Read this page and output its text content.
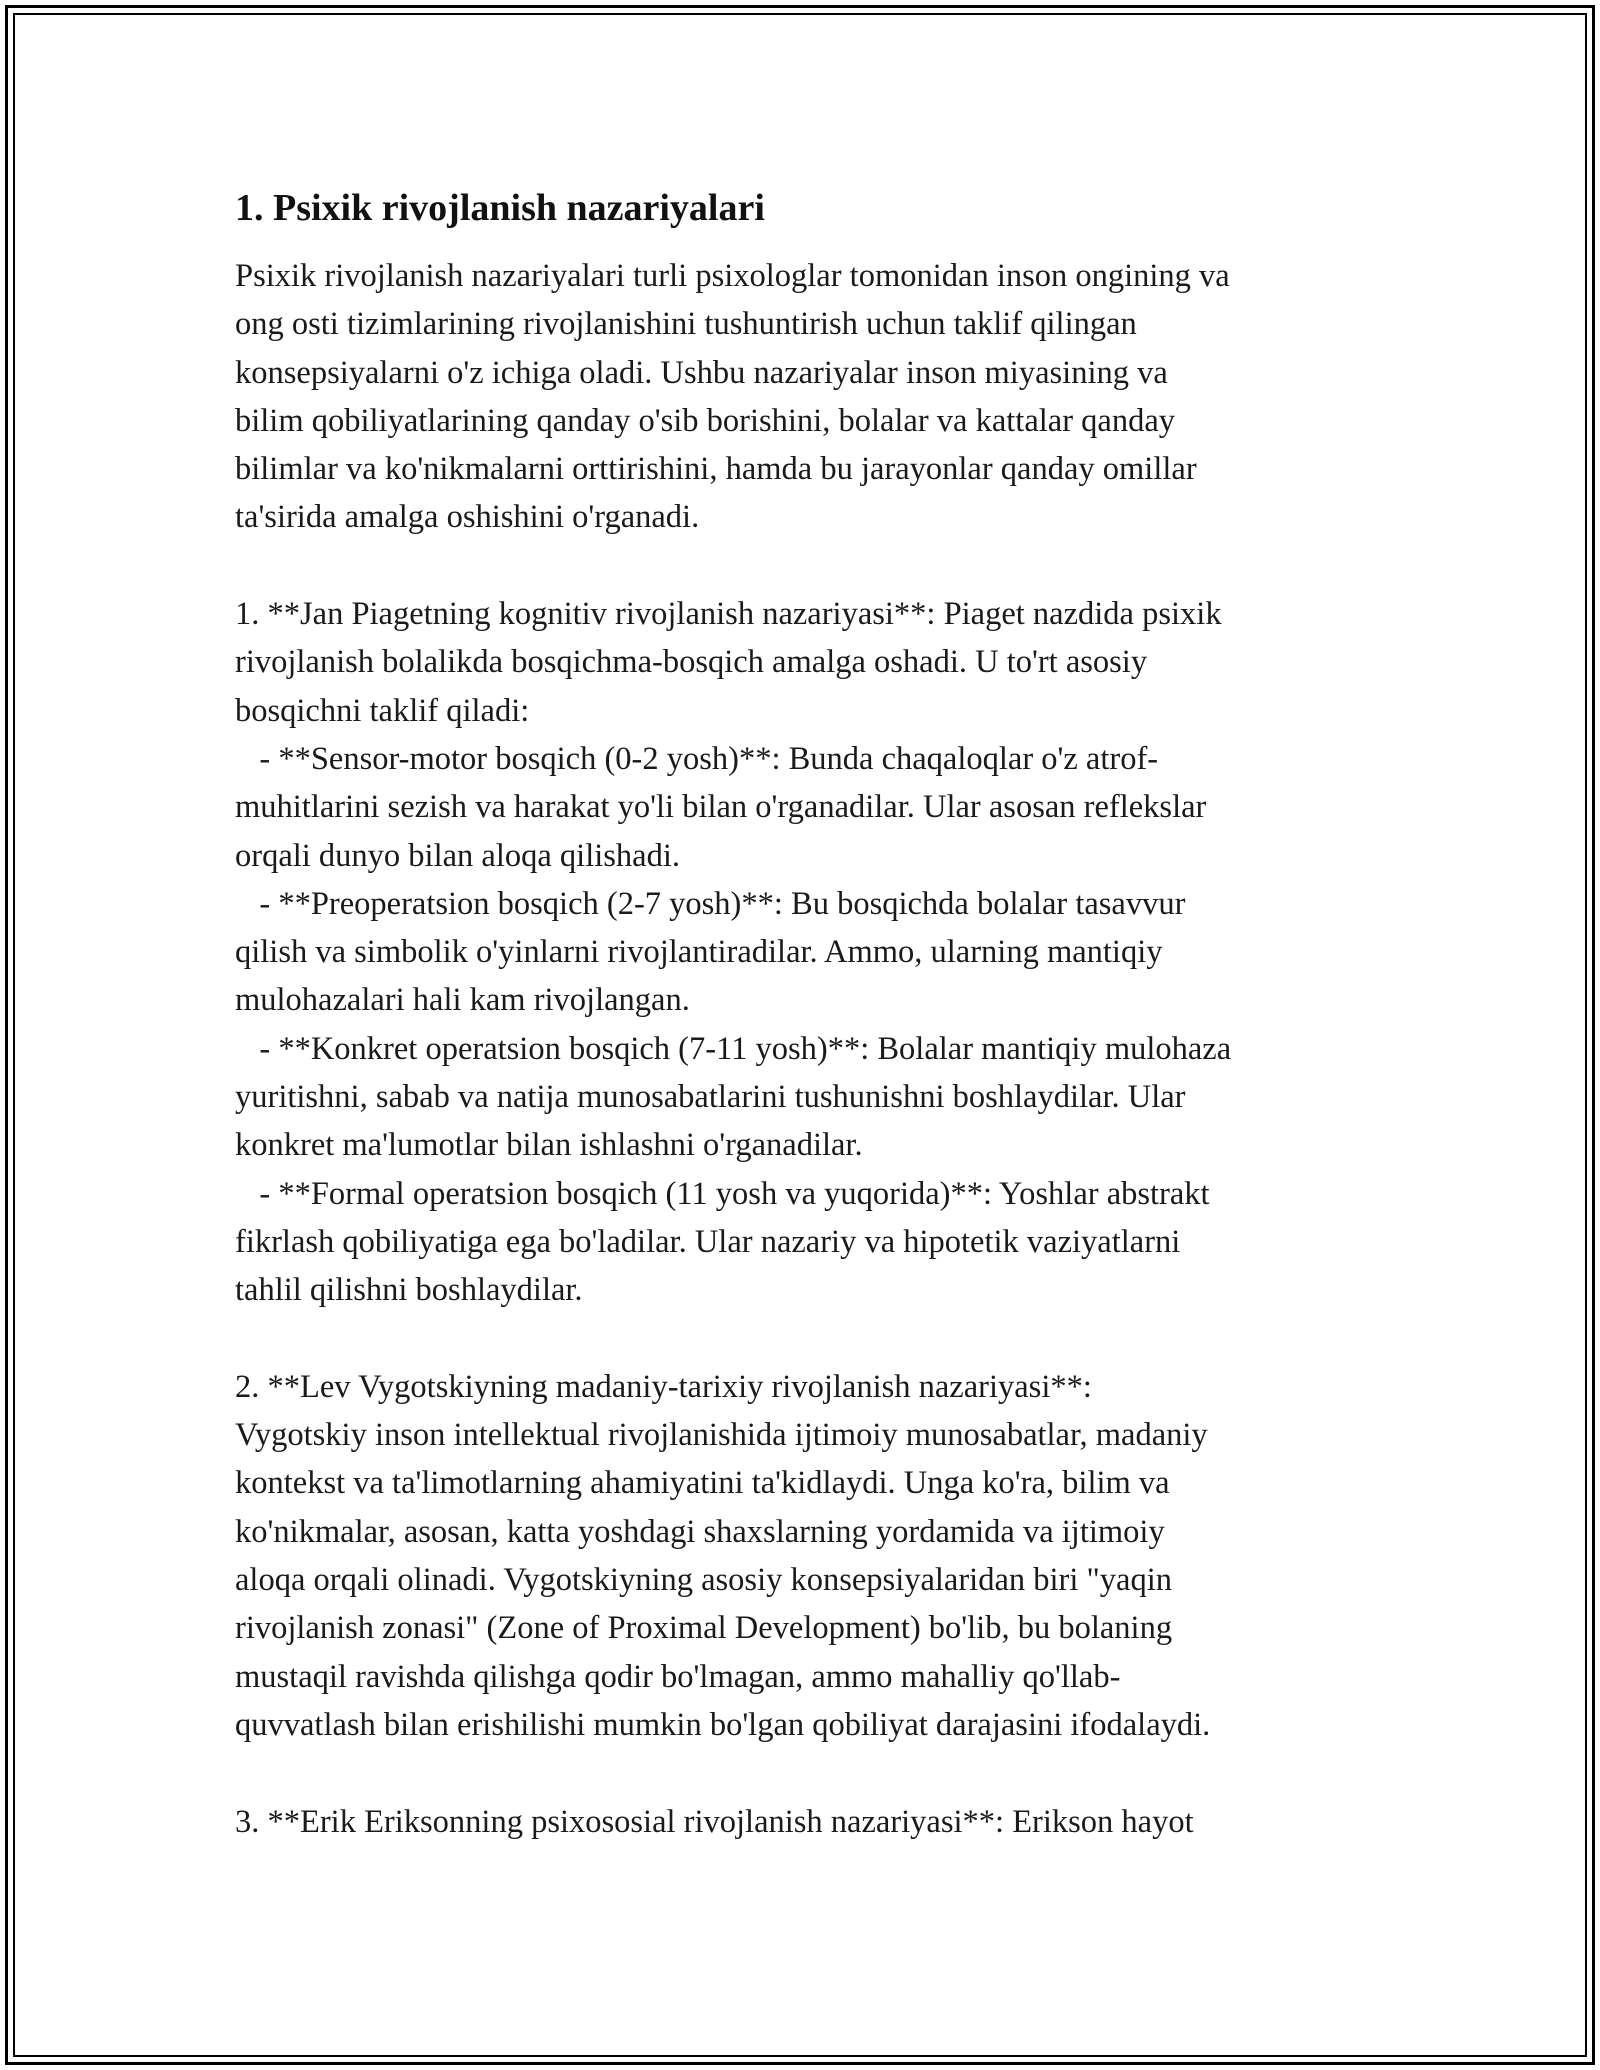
1. Psixik rivojlanish nazariyalari
Psixik rivojlanish nazariyalari turli psixologlar tomonidan inson ongining va
ong osti tizimlarining rivojlanishini tushuntirish uchun taklif qilingan
konsepsiyalarni o'z ichiga oladi. Ushbu nazariyalar inson miyasining va
bilim qobiliyatlarining qanday o'sib borishini, bolalar va kattalar qanday
bilimlar va ko'nikmalarni orttirishini, hamda bu jarayonlar qanday omillar
ta'sirida amalga oshishini o'rganadi.
1. **Jan Piagetning kognitiv rivojlanish nazariyasi**: Piaget nazdida psixik
rivojlanish bolalikda bosqichma-bosqich amalga oshadi. U to'rt asosiy
bosqichni taklif qiladi:
- **Sensor-motor bosqich (0-2 yosh)**: Bunda chaqaloqlar o'z atrof-
muhitlarini sezish va harakat yo'li bilan o'rganadilar. Ular asosan reflekslar
orqali dunyo bilan aloqa qilishadi.
- **Preoperatsion bosqich (2-7 yosh)**: Bu bosqichda bolalar tasavvur
qilish va simbolik o'yinlarni rivojlantiradilar. Ammo, ularning mantiqiy
mulohazalari hali kam rivojlangan.
- **Konkret operatsion bosqich (7-11 yosh)**: Bolalar mantiqiy mulohaza
yuritishni, sabab va natija munosabatlarini tushunishni boshlaydilar. Ular
konkret ma'lumotlar bilan ishlashni o'rganadilar.
- **Formal operatsion bosqich (11 yosh va yuqorida)**: Yoshlar abstrakt
fikrlash qobiliyatiga ega bo'ladilar. Ular nazariy va hipotetik vaziyatlarni
tahlil qilishni boshlaydilar.
2. **Lev Vygotskiyning madaniy-tarixiy rivojlanish nazariyasi**:
Vygotskiy inson intellektual rivojlanishida ijtimoiy munosabatlar, madaniy
kontekst va ta'limotlarning ahamiyatini ta'kidlaydi. Unga ko'ra, bilim va
ko'nikmalar, asosan, katta yoshdagi shaxslarning yordamida va ijtimoiy
aloqa orqali olinadi. Vygotskiyning asosiy konsepsiyalaridan biri "yaqin
rivojlanish zonasi" (Zone of Proximal Development) bo'lib, bu bolaning
mustaqil ravishda qilishga qodir bo'lmagan, ammo mahalliy qo'llab-
quvvatlash bilan erishilishi mumkin bo'lgan qobiliyat darajasini ifodalaydi.
3. **Erik Eriksonning psixososial rivojlanish nazariyasi**: Erikson hayot
